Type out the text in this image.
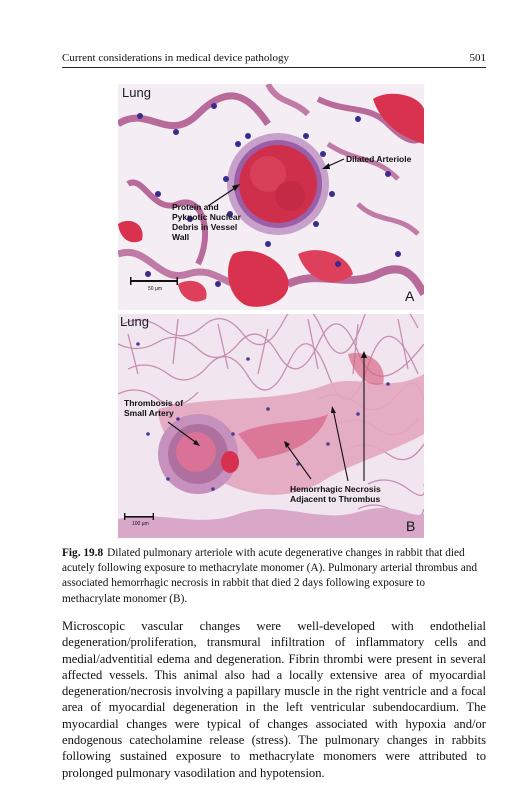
Current considerations in medical device pathology	501
Lung
Dilated Arteriole
Protein and
Pyknotic Nuclear
Debris in Vessel
Wall
50 µm	A
Lung
Thrombosis of
Small Artery
Hemorrhagic Necrosis
Adjacent to Thrombus
100 µm	B
Fig. 19.8 Dilated pulmonary arteriole with acute degenerative changes in rabbit that died acutely following exposure to methacrylate monomer (A). Pulmonary arterial thrombus and associated hemorrhagic necrosis in rabbit that died 2 days following exposure to methacrylate monomer (B).
Microscopic vascular changes were well-developed with endothelial degeneration/proliferation, transmural infiltration of inflammatory cells and medial/adventitial edema and degeneration. Fibrin thrombi were present in several affected vessels. This animal also had a locally extensive area of myocardial degeneration/necrosis involving a papillary muscle in the right ventricle and a focal area of myocardial degeneration in the left ventricular subendocardium. The myocardial changes were typical of changes associated with hypoxia and/or endogenous catecholamine release (stress). The pulmonary changes in rabbits following sustained exposure to methacrylate monomers were attributed to prolonged pulmonary vasodilation and hypotension.
